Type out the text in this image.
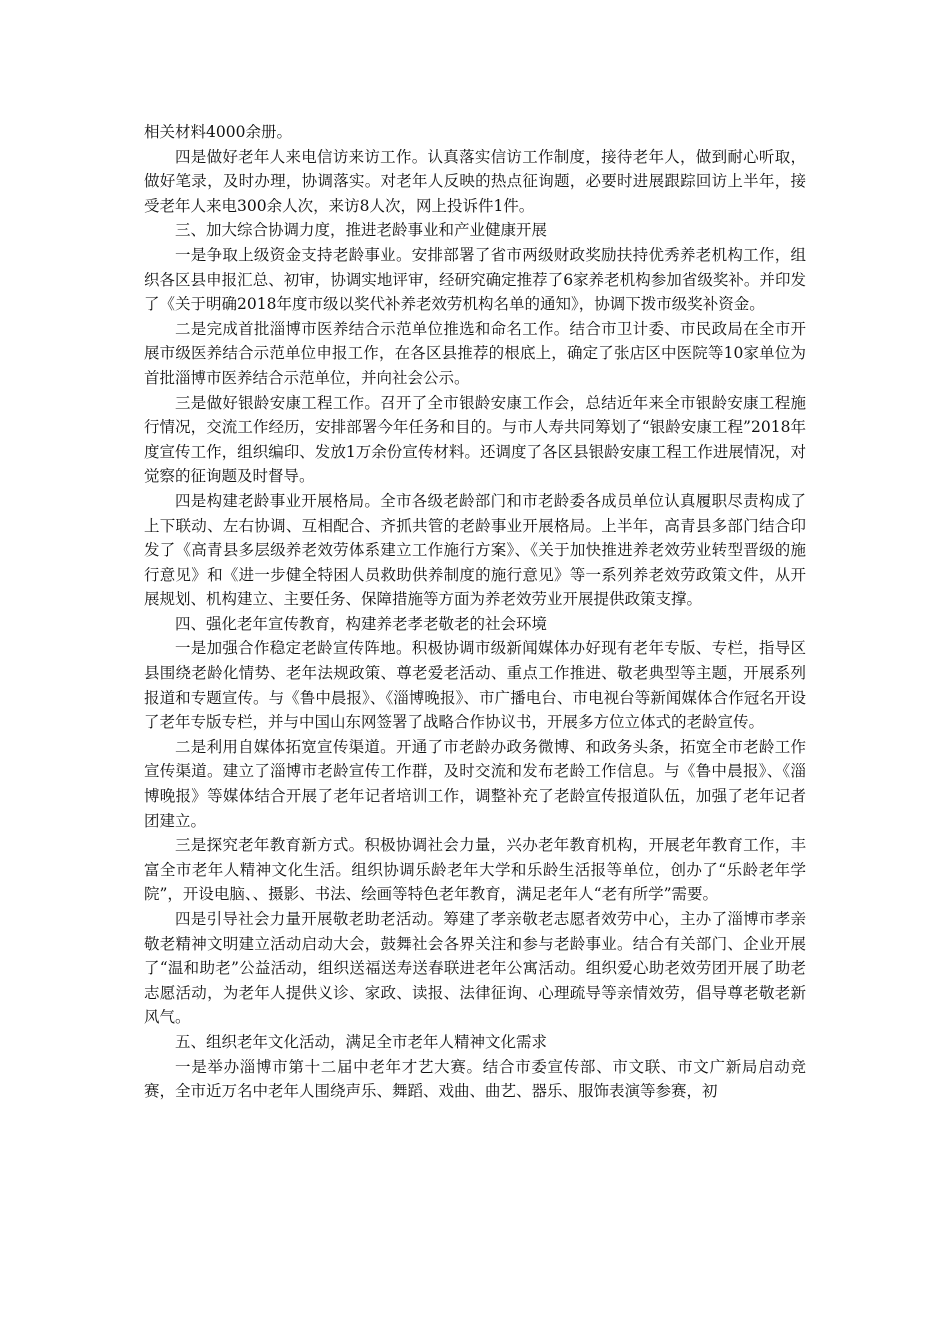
相关材料4000余册。

四是做好老年人来电信访来访工作。认真落实信访工作制度，接待老年人，做到耐心听取，做好笔录，及时办理，协调落实。对老年人反映的热点征询题，必要时进展跟踪回访上半年，接受老年人来电300余人次，来访8人次，网上投诉件1件。

三、加大综合协调力度，推进老龄事业和产业健康开展

一是争取上级资金支持老龄事业。安排部署了省市两级财政奖励扶持优秀养老机构工作，组织各区县申报汇总、初审，协调实地评审，经研究确定推荐了6家养老机构参加省级奖补。并印发了《关于明确2018年度市级以奖代补养老效劳机构名单的通知》，协调下拨市级奖补资金。

二是完成首批淄博市医养结合示范单位推选和命名工作。结合市卫计委、市民政局在全市开展市级医养结合示范单位申报工作，在各区县推荐的根底上，确定了张店区中医院等10家单位为首批淄博市医养结合示范单位，并向社会公示。

三是做好银龄安康工程工作。召开了全市银龄安康工作会，总结近年来全市银龄安康工程施行情况，交流工作经历，安排部署今年任务和目的。与市人寿共同筹划了“银龄安康工程”2018年度宣传工作，组织编印、发放1万余份宣传材料。还调度了各区县银龄安康工程工作进展情况，对觉察的征询题及时督导。

四是构建老龄事业开展格局。全市各级老龄部门和市老龄委各成员单位认真履职尽责构成了上下联动、左右协调、互相配合、齐抓共管的老龄事业开展格局。上半年，高青县多部门结合印发了《高青县多层级养老效劳体系建立工作施行方案》、《关于加快推进养老效劳业转型晋级的施行意见》和《进一步健全特困人员救助供养制度的施行意见》等一系列养老效劳政策文件，从开展规划、机构建立、主要任务、保障措施等方面为养老效劳业开展提供政策支撑。

四、强化老年宣传教育，构建养老孝老敬老的社会环境

一是加强合作稳定老龄宣传阵地。积极协调市级新闻媒体办好现有老年专版、专栏，指导区县围绕老龄化情势、老年法规政策、尊老爱老活动、重点工作推进、敬老典型等主题，开展系列报道和专题宣传。与《鲁中晨报》、《淄博晚报》、市广播电台、市电视台等新闻媒体合作冠名开设了老年专版专栏，并与中国山东网签署了战略合作协议书，开展多方位立体式的老龄宣传。

二是利用自媒体拓宽宣传渠道。开通了市老龄办政务微博、和政务头条，拓宽全市老龄工作宣传渠道。建立了淄博市老龄宣传工作群，及时交流和发布老龄工作信息。与《鲁中晨报》、《淄博晚报》等媒体结合开展了老年记者培训工作，调整补充了老龄宣传报道队伍，加强了老年记者团建立。

三是探究老年教育新方式。积极协调社会力量，兴办老年教育机构，开展老年教育工作，丰富全市老年人精神文化生活。组织协调乐龄老年大学和乐龄生活报等单位，创办了“乐龄老年学院”，开设电脑、、摄影、书法、绘画等特色老年教育，满足老年人“老有所学”需要。

四是引导社会力量开展敬老助老活动。筹建了孝亲敬老志愿者效劳中心，主办了淄博市孝亲敬老精神文明建立活动启动大会，鼓舞社会各界关注和参与老龄事业。结合有关部门、企业开展了“温和助老”公益活动，组织送福送寿送春联进老年公寓活动。组织爱心助老效劳团开展了助老志愿活动，为老年人提供义诊、家政、读报、法律征询、心理疏导等亲情效劳，倡导尊老敬老新风气。

五、组织老年文化活动，满足全市老年人精神文化需求

一是举办淄博市第十二届中老年才艺大赛。结合市委宣传部、市文联、市文广新局启动竞赛，全市近万名中老年人围绕声乐、舞蹈、戏曲、曲艺、器乐、服饰表演等参赛，初
